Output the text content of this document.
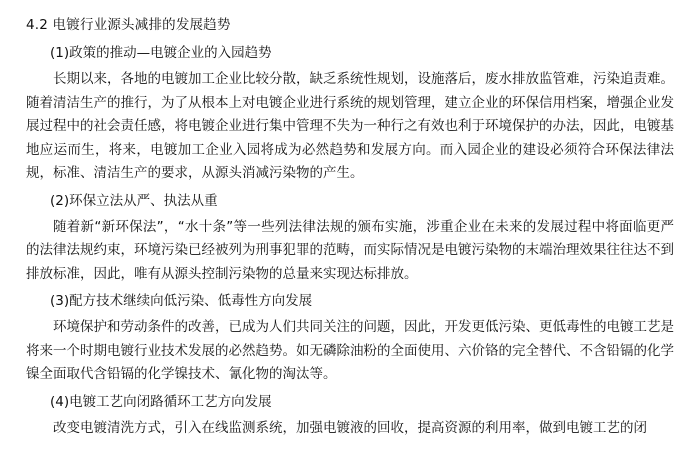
4.2 电镀行业源头减排的发展趋势

(1)政策的推动—电镀企业的入园趋势

长期以来，各地的电镀加工企业比较分散，缺乏系统性规划，设施落后，废水排放监管难，污染追责难。随着清洁生产的推行，为了从根本上对电镀企业进行系统的规划管理，建立企业的环保信用档案，增强企业发展过程中的社会责任感，将电镀企业进行集中管理不失为一种行之有效也利于环境保护的办法，因此，电镀基地应运而生，将来，电镀加工企业入园将成为必然趋势和发展方向。而入园企业的建设必须符合环保法律法规，标准、清洁生产的要求，从源头消减污染物的产生。

(2)环保立法从严、执法从重

随着新“新环保法”，“水十条”等一些列法律法规的颁布实施，涉重企业在未来的发展过程中将面临更严的法律法规约束，环境污染已经被列为刑事犯罪的范畴，而实际情况是电镀污染物的末端治理效果往往达不到排放标准，因此，唯有从源头控制污染物的总量来实现达标排放。

(3)配方技术继续向低污染、低毒性方向发展

环境保护和劳动条件的改善，已成为人们共同关注的问题，因此，开发更低污染、更低毒性的电镀工艺是将来一个时期电镀行业技术发展的必然趋势。如无磷除油粉的全面使用、六价铬的完全替代、不含铅镉的化学镍全面取代含铅镉的化学镍技术、氰化物的淘汰等。

(4)电镀工艺向闭路循环工艺方向发展

改变电镀清洗方式，引入在线监测系统，加强电镀液的回收，提高资源的利用率，做到电镀工艺的闭
